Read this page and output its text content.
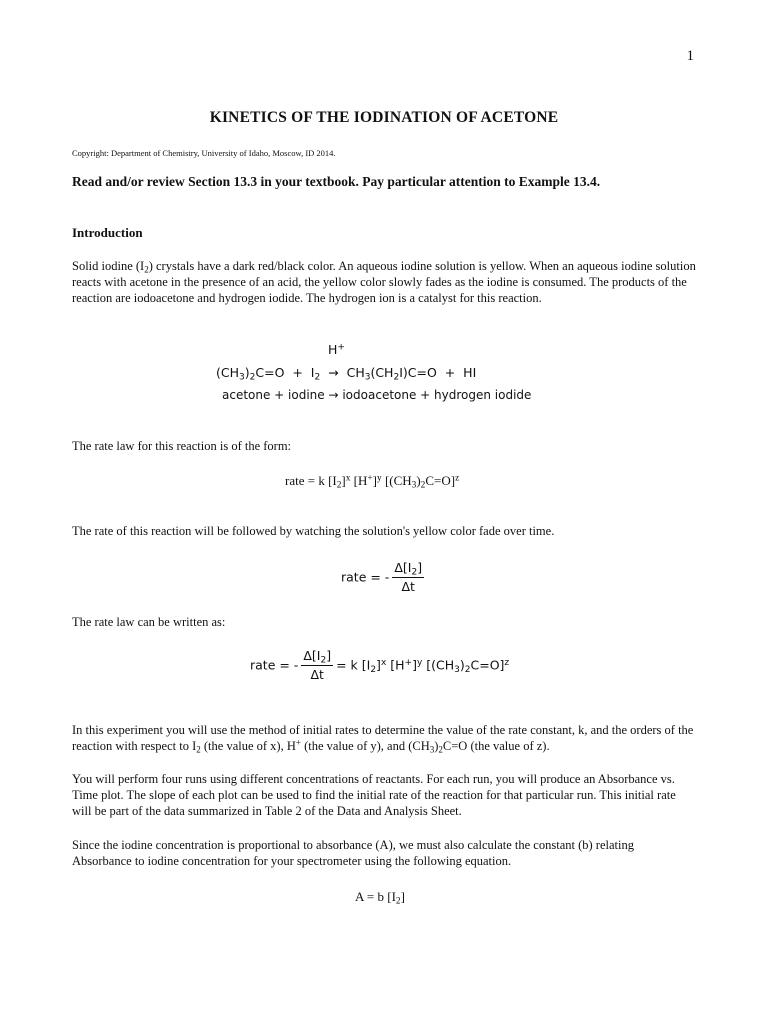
1
KINETICS OF THE IODINATION OF ACETONE
Copyright: Department of Chemistry, University of Idaho, Moscow, ID 2014.
Read and/or review Section 13.3 in your textbook. Pay particular attention to Example 13.4.
Introduction
Solid iodine $(I_2)$ crystals have a dark red/black color. An aqueous iodine solution is yellow. When an aqueous iodine solution reacts with acetone in the presence of an acid, the yellow color slowly fades as the iodine is consumed. The products of the reaction are iodoacetone and hydrogen iodide. The hydrogen ion is a catalyst for this reaction.
H+
$(CH_3)_2C=O + I_2 \to CH_3(CH_2I)C=O$  +  HI
acetone + iodine → iodoacetone + hydrogen iodide
The rate law for this reaction is of the form:
rate = k $[I_2]^x$ $[H^+]^y$ $[(CH_3)_2C=O]^z$
The rate of this reaction will be followed by watching the solution's yellow color fade over time.
rate = - $\frac{\Delta[I_2]}{\Delta t}$
The rate law can be written as:
rate = - $\frac{\Delta[I_2]}{\Delta t} = k$ $[I_2]^x$ $[H^+]^y$ $[(CH_3)_2C=O]^z$
In this experiment you will use the method of initial rates to determine the value of the rate constant, k, and the orders of the reaction with respect to $I_2$ (the value of x), H+ (the value of y), and $(CH_3)_2C=O$ (the value of z).
You will perform four runs using different concentrations of reactants. For each run, you will produce an Absorbance vs. Time plot. The slope of each plot can be used to find the initial rate of the reaction for that particular run. This initial rate will be part of the data summarized in Table 2 of the Data and Analysis Sheet.
Since the iodine concentration is proportional to absorbance (A), we must also calculate the constant (b) relating Absorbance to iodine concentration for your spectrometer using the following equation.
A = b $[I_2]$
